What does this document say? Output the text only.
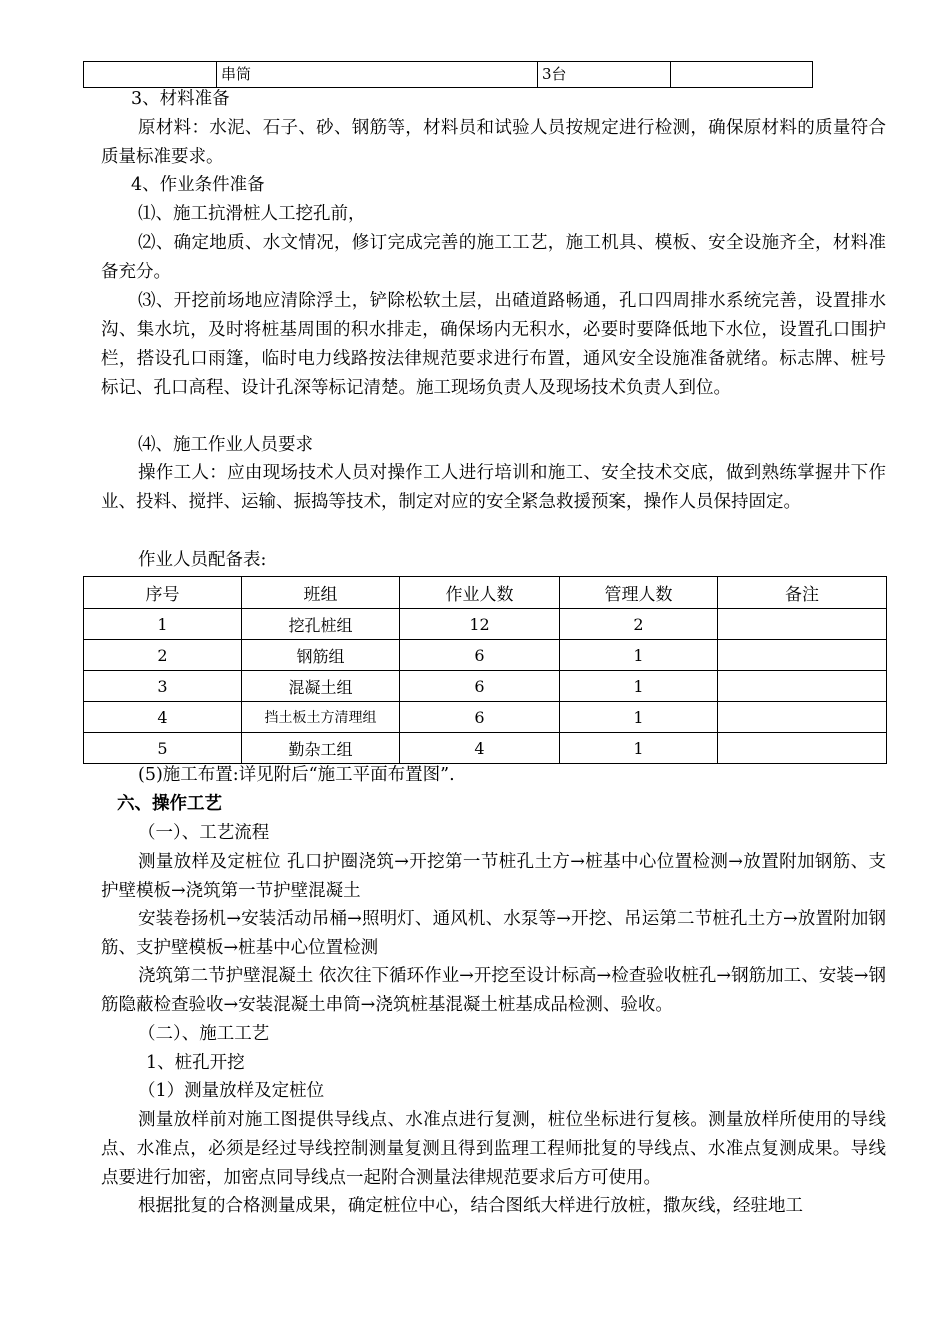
	串筒	3台	

3、材料准备

原材料：水泥、石子、砂、钢筋等，材料员和试验人员按规定进行检测，确保原材料的质量符合质量标准要求。

4、作业条件准备

⑴、施工抗滑桩人工挖孔前，

⑵、确定地质、水文情况，修订完成完善的施工工艺，施工机具、模板、安全设施齐全，材料准备充分。

⑶、开挖前场地应清除浮土，铲除松软土层，出碴道路畅通，孔口四周排水系统完善，设置排水沟、集水坑，及时将桩基周围的积水排走，确保场内无积水，必要时要降低地下水位，设置孔口围护栏，搭设孔口雨篷，临时电力线路按法律规范要求进行布置，通风安全设施准备就绪。标志牌、桩号标记、孔口高程、设计孔深等标记清楚。施工现场负责人及现场技术负责人到位。

⑷、施工作业人员要求

操作工人：应由现场技术人员对操作工人进行培训和施工、安全技术交底，做到熟练掌握井下作业、投料、搅拌、运输、振捣等技术，制定对应的安全紧急救援预案，操作人员保持固定。

作业人员配备表:

序号	班组	作业人数	管理人数	备注
1	挖孔桩组	12	2	
2	钢筋组	6	1	
3	混凝土组	6	1	
4	挡土板土方清理组	6	1	
5	勤杂工组	4	1	

(5)施工布置:详见附后“施工平面布置图”.

六、操作工艺

（一）、工艺流程

测量放样及定桩位 孔口护圈浇筑→开挖第一节桩孔土方→桩基中心位置检测→放置附加钢筋、支护壁模板→浇筑第一节护壁混凝土

安装卷扬机→安装活动吊桶→照明灯、通风机、水泵等→开挖、吊运第二节桩孔土方→放置附加钢筋、支护壁模板→桩基中心位置检测

浇筑第二节护壁混凝土 依次往下循环作业→开挖至设计标高→检查验收桩孔→钢筋加工、安装→钢筋隐蔽检查验收→安装混凝土串筒→浇筑桩基混凝土桩基成品检测、验收。

（二）、施工工艺

1、桩孔开挖

（1）测量放样及定桩位

测量放样前对施工图提供导线点、水准点进行复测，桩位坐标进行复核。测量放样所使用的导线点、水准点，必须是经过导线控制测量复测且得到监理工程师批复的导线点、水准点复测成果。导线点要进行加密，加密点同导线点一起附合测量法律规范要求后方可使用。

根据批复的合格测量成果，确定桩位中心，结合图纸大样进行放桩，撒灰线，经驻地工
